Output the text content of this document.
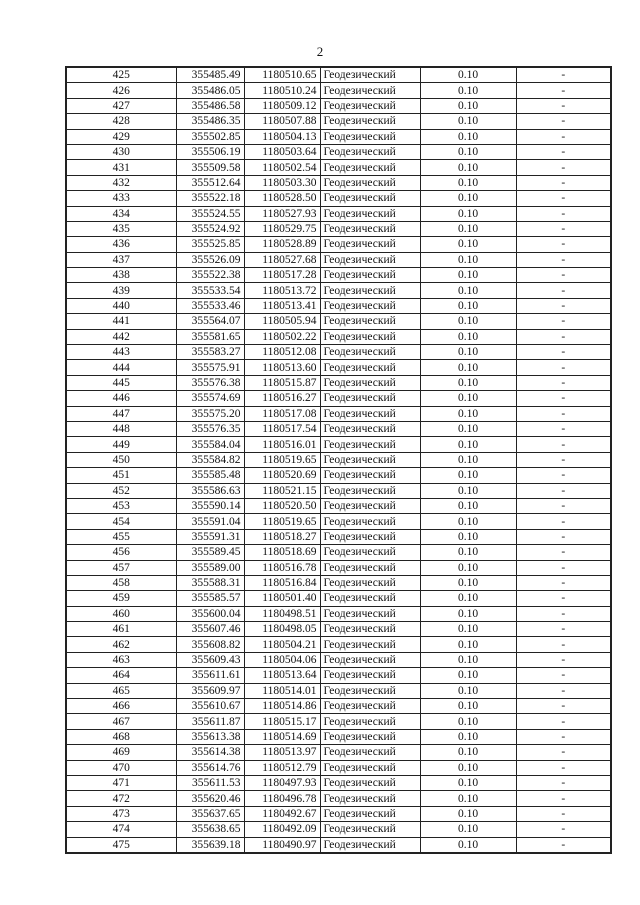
2
425	355485.49	1180510.65	Геодезический	0.10	-
426	355486.05	1180510.24	Геодезический	0.10	-
427	355486.58	1180509.12	Геодезический	0.10	-
428	355486.35	1180507.88	Геодезический	0.10	-
429	355502.85	1180504.13	Геодезический	0.10	-
430	355506.19	1180503.64	Геодезический	0.10	-
431	355509.58	1180502.54	Геодезический	0.10	-
432	355512.64	1180503.30	Геодезический	0.10	-
433	355522.18	1180528.50	Геодезический	0.10	-
434	355524.55	1180527.93	Геодезический	0.10	-
435	355524.92	1180529.75	Геодезический	0.10	-
436	355525.85	1180528.89	Геодезический	0.10	-
437	355526.09	1180527.68	Геодезический	0.10	-
438	355522.38	1180517.28	Геодезический	0.10	-
439	355533.54	1180513.72	Геодезический	0.10	-
440	355533.46	1180513.41	Геодезический	0.10	-
441	355564.07	1180505.94	Геодезический	0.10	-
442	355581.65	1180502.22	Геодезический	0.10	-
443	355583.27	1180512.08	Геодезический	0.10	-
444	355575.91	1180513.60	Геодезический	0.10	-
445	355576.38	1180515.87	Геодезический	0.10	-
446	355574.69	1180516.27	Геодезический	0.10	-
447	355575.20	1180517.08	Геодезический	0.10	-
448	355576.35	1180517.54	Геодезический	0.10	-
449	355584.04	1180516.01	Геодезический	0.10	-
450	355584.82	1180519.65	Геодезический	0.10	-
451	355585.48	1180520.69	Геодезический	0.10	-
452	355586.63	1180521.15	Геодезический	0.10	-
453	355590.14	1180520.50	Геодезический	0.10	-
454	355591.04	1180519.65	Геодезический	0.10	-
455	355591.31	1180518.27	Геодезический	0.10	-
456	355589.45	1180518.69	Геодезический	0.10	-
457	355589.00	1180516.78	Геодезический	0.10	-
458	355588.31	1180516.84	Геодезический	0.10	-
459	355585.57	1180501.40	Геодезический	0.10	-
460	355600.04	1180498.51	Геодезический	0.10	-
461	355607.46	1180498.05	Геодезический	0.10	-
462	355608.82	1180504.21	Геодезический	0.10	-
463	355609.43	1180504.06	Геодезический	0.10	-
464	355611.61	1180513.64	Геодезический	0.10	-
465	355609.97	1180514.01	Геодезический	0.10	-
466	355610.67	1180514.86	Геодезический	0.10	-
467	355611.87	1180515.17	Геодезический	0.10	-
468	355613.38	1180514.69	Геодезический	0.10	-
469	355614.38	1180513.97	Геодезический	0.10	-
470	355614.76	1180512.79	Геодезический	0.10	-
471	355611.53	1180497.93	Геодезический	0.10	-
472	355620.46	1180496.78	Геодезический	0.10	-
473	355637.65	1180492.67	Геодезический	0.10	-
474	355638.65	1180492.09	Геодезический	0.10	-
475	355639.18	1180490.97	Геодезический	0.10	-
